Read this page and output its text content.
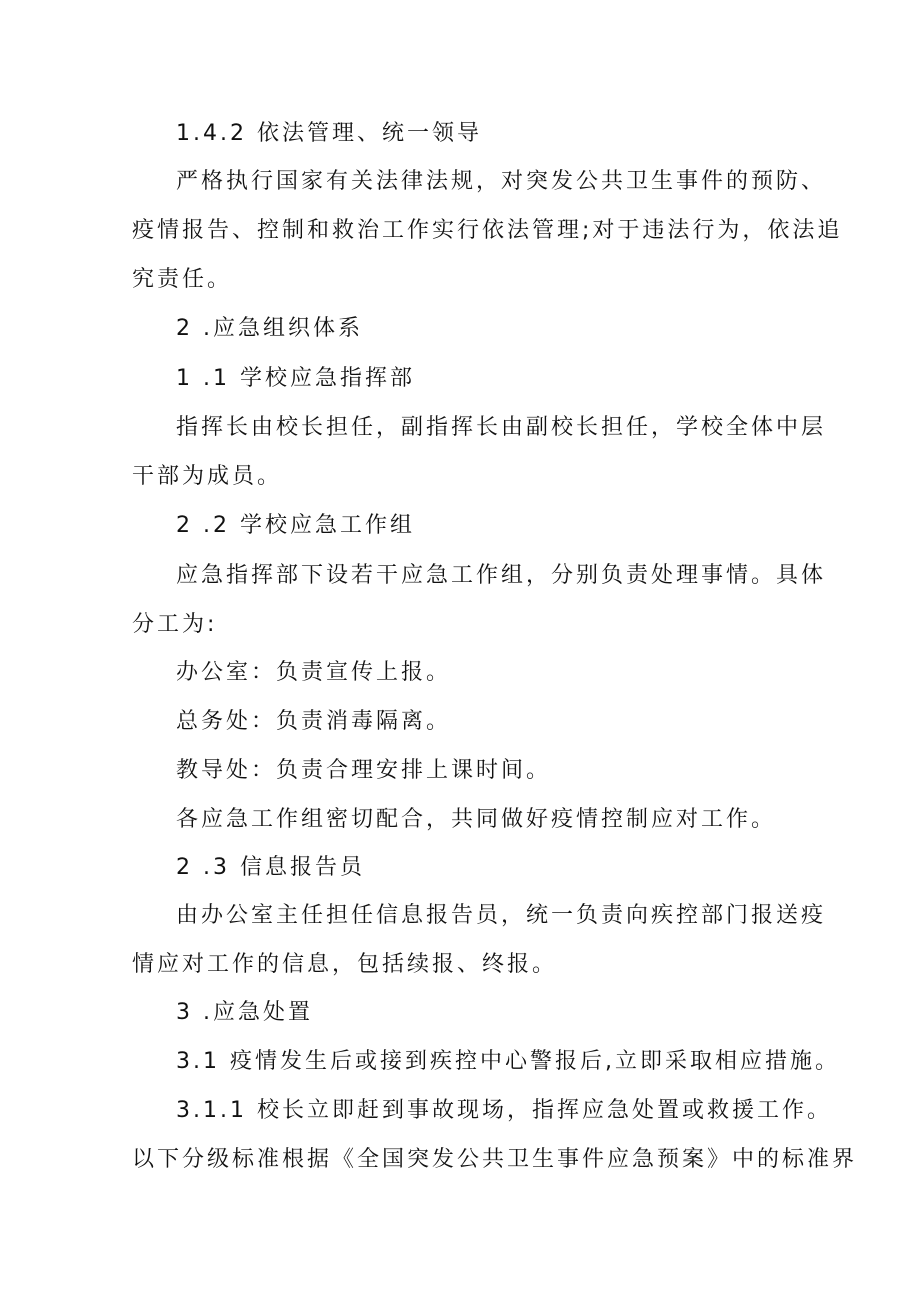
1.4.2 依法管理、统一领导
严格执行国家有关法律法规，对突发公共卫生事件的预防、
疫情报告、控制和救治工作实行依法管理;对于违法行为，依法追
究责任。
2 .应急组织体系
1 .1 学校应急指挥部
指挥长由校长担任，副指挥长由副校长担任，学校全体中层
干部为成员。
2 .2 学校应急工作组
应急指挥部下设若干应急工作组，分别负责处理事情。具体
分工为:
办公室：负责宣传上报。
总务处：负责消毒隔离。
教导处：负责合理安排上课时间。
各应急工作组密切配合，共同做好疫情控制应对工作。
2 .3 信息报告员
由办公室主任担任信息报告员，统一负责向疾控部门报送疫
情应对工作的信息，包括续报、终报。
3 .应急处置
3.1 疫情发生后或接到疾控中心警报后,立即采取相应措施。
3.1.1 校长立即赶到事故现场，指挥应急处置或救援工作。
以下分级标准根据《全国突发公共卫生事件应急预案》中的标准界
